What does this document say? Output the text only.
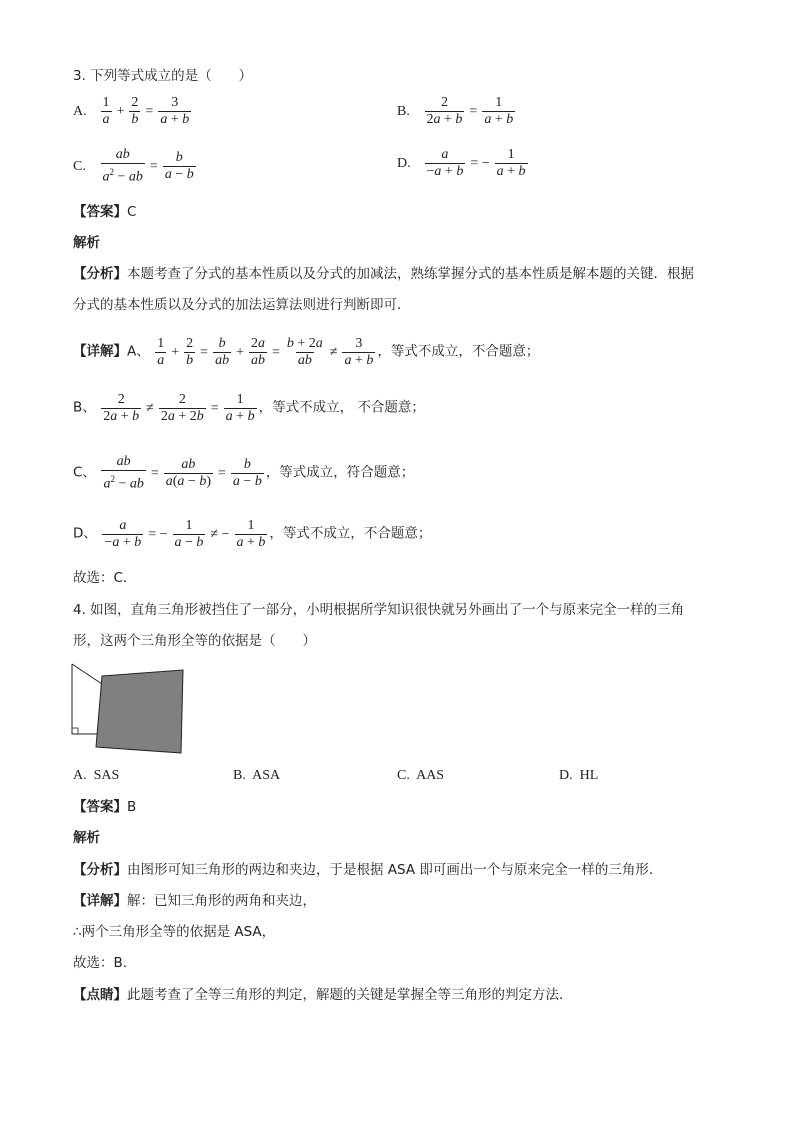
3. 下列等式成立的是（　　）
A. $\frac{1}{a} + \frac{2}{b} = \frac{3}{a + b}$	B. $\frac{2}{2a + b} = \frac{1}{a + b}$
C. $\frac{ab}{a^2 - ab} = \frac{b}{a - b}$	D. $\frac{a}{-a + b}$ = − $\frac{1}{a + b}$
【答案】C
解析
【分析】本题考查了分式的基本性质以及分式的加减法，熟练掌握分式的基本性质是解本题的关键．根据
分式的基本性质以及分式的加法运算法则进行判断即可．
【详解】A、 $\frac{1}{a} + \frac{2}{b} = \frac{b}{ab} + \frac{2a}{ab} = \frac{b + 2a}{ab} \ne \frac{3}{a + b}$ ，等式不成立，不合题意；
B、 $\frac{2}{2a + b} \ne \frac{2}{2a + 2b} = \frac{1}{a + b}$ ，等式不成立， 不合题意；
C、 $\frac{ab}{a^2 - ab} = \frac{ab}{a(a - b)} = \frac{b}{a - b}$ ，等式成立，符合题意；
D、 $\frac{a}{-a + b}$ = − $\frac{1}{a - b}$ ≠ − $\frac{1}{a + b}$ ，等式不成立，不合题意；
故选：C．
4. 如图，直角三角形被挡住了一部分，小明根据所学知识很快就另外画出了一个与原来完全一样的三角
形，这两个三角形全等的依据是（　　）
A. SAS	B. ASA	C. AAS	D. HL
【答案】B
解析
【分析】由图形可知三角形的两边和夹边，于是根据 ASA 即可画出一个与原来完全一样的三角形．
【详解】解：已知三角形的两角和夹边，
∴两个三角形全等的依据是 ASA，
故选：B．
【点睛】此题考查了全等三角形的判定，解题的关键是掌握全等三角形的判定方法．
